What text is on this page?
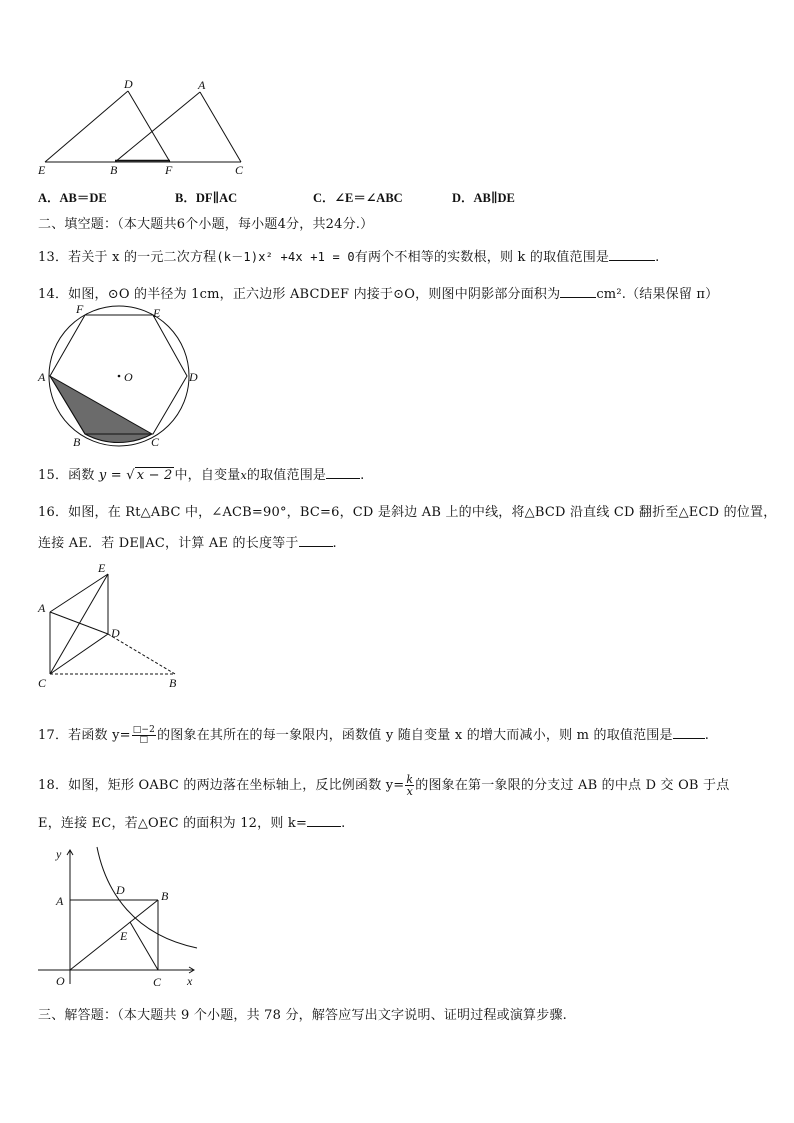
D	A
E	B	F	C
A．AB＝DE	B．DF∥AC	C．∠E＝∠ABC	D．AB∥DE
二、填空题：（本大题共6个小题，每小题4分，共24分.）
13．若关于 x 的一元二次方程(k－1)x² +4x +1 = 0有两个不相等的实数根，则 k 的取值范围是	.
14．如图，⊙O 的半径为 1cm，正六边形 ABCDEF 内接于⊙O，则图中阴影部分面积为	cm².（结果保留 π）
F	E
A	O	D
B	C
15．函数 y = √ x − 2 中，自变量x的取值范围是	.
16．如图，在 Rt△ABC 中，∠ACB=90°，BC=6，CD 是斜边 AB 上的中线，将△BCD 沿直线 CD 翻折至△ECD 的位置，
连接 AE．若 DE∥AC，计算 AE 的长度等于	.
E
A
D
C	B
17．若函数 $y= \frac{□-2}{□}$ 的图象在其所在的每一象限内，函数值 y 随自变量 x 的增大而减小，则 m 的取值范围是 .
18．如图，矩形 OABC 的两边落在坐标轴上，反比例函数 $y= \frac{k}{x}$ 的图象在第一象限的分支过 AB 的中点 D 交 OB 于点
E，连接 EC，若△OEC 的面积为 12，则 k=	.
y
A
D	B
E
O	C x
三、解答题：（本大题共 9 个小题，共 78 分，解答应写出文字说明、证明过程或演算步骤.
